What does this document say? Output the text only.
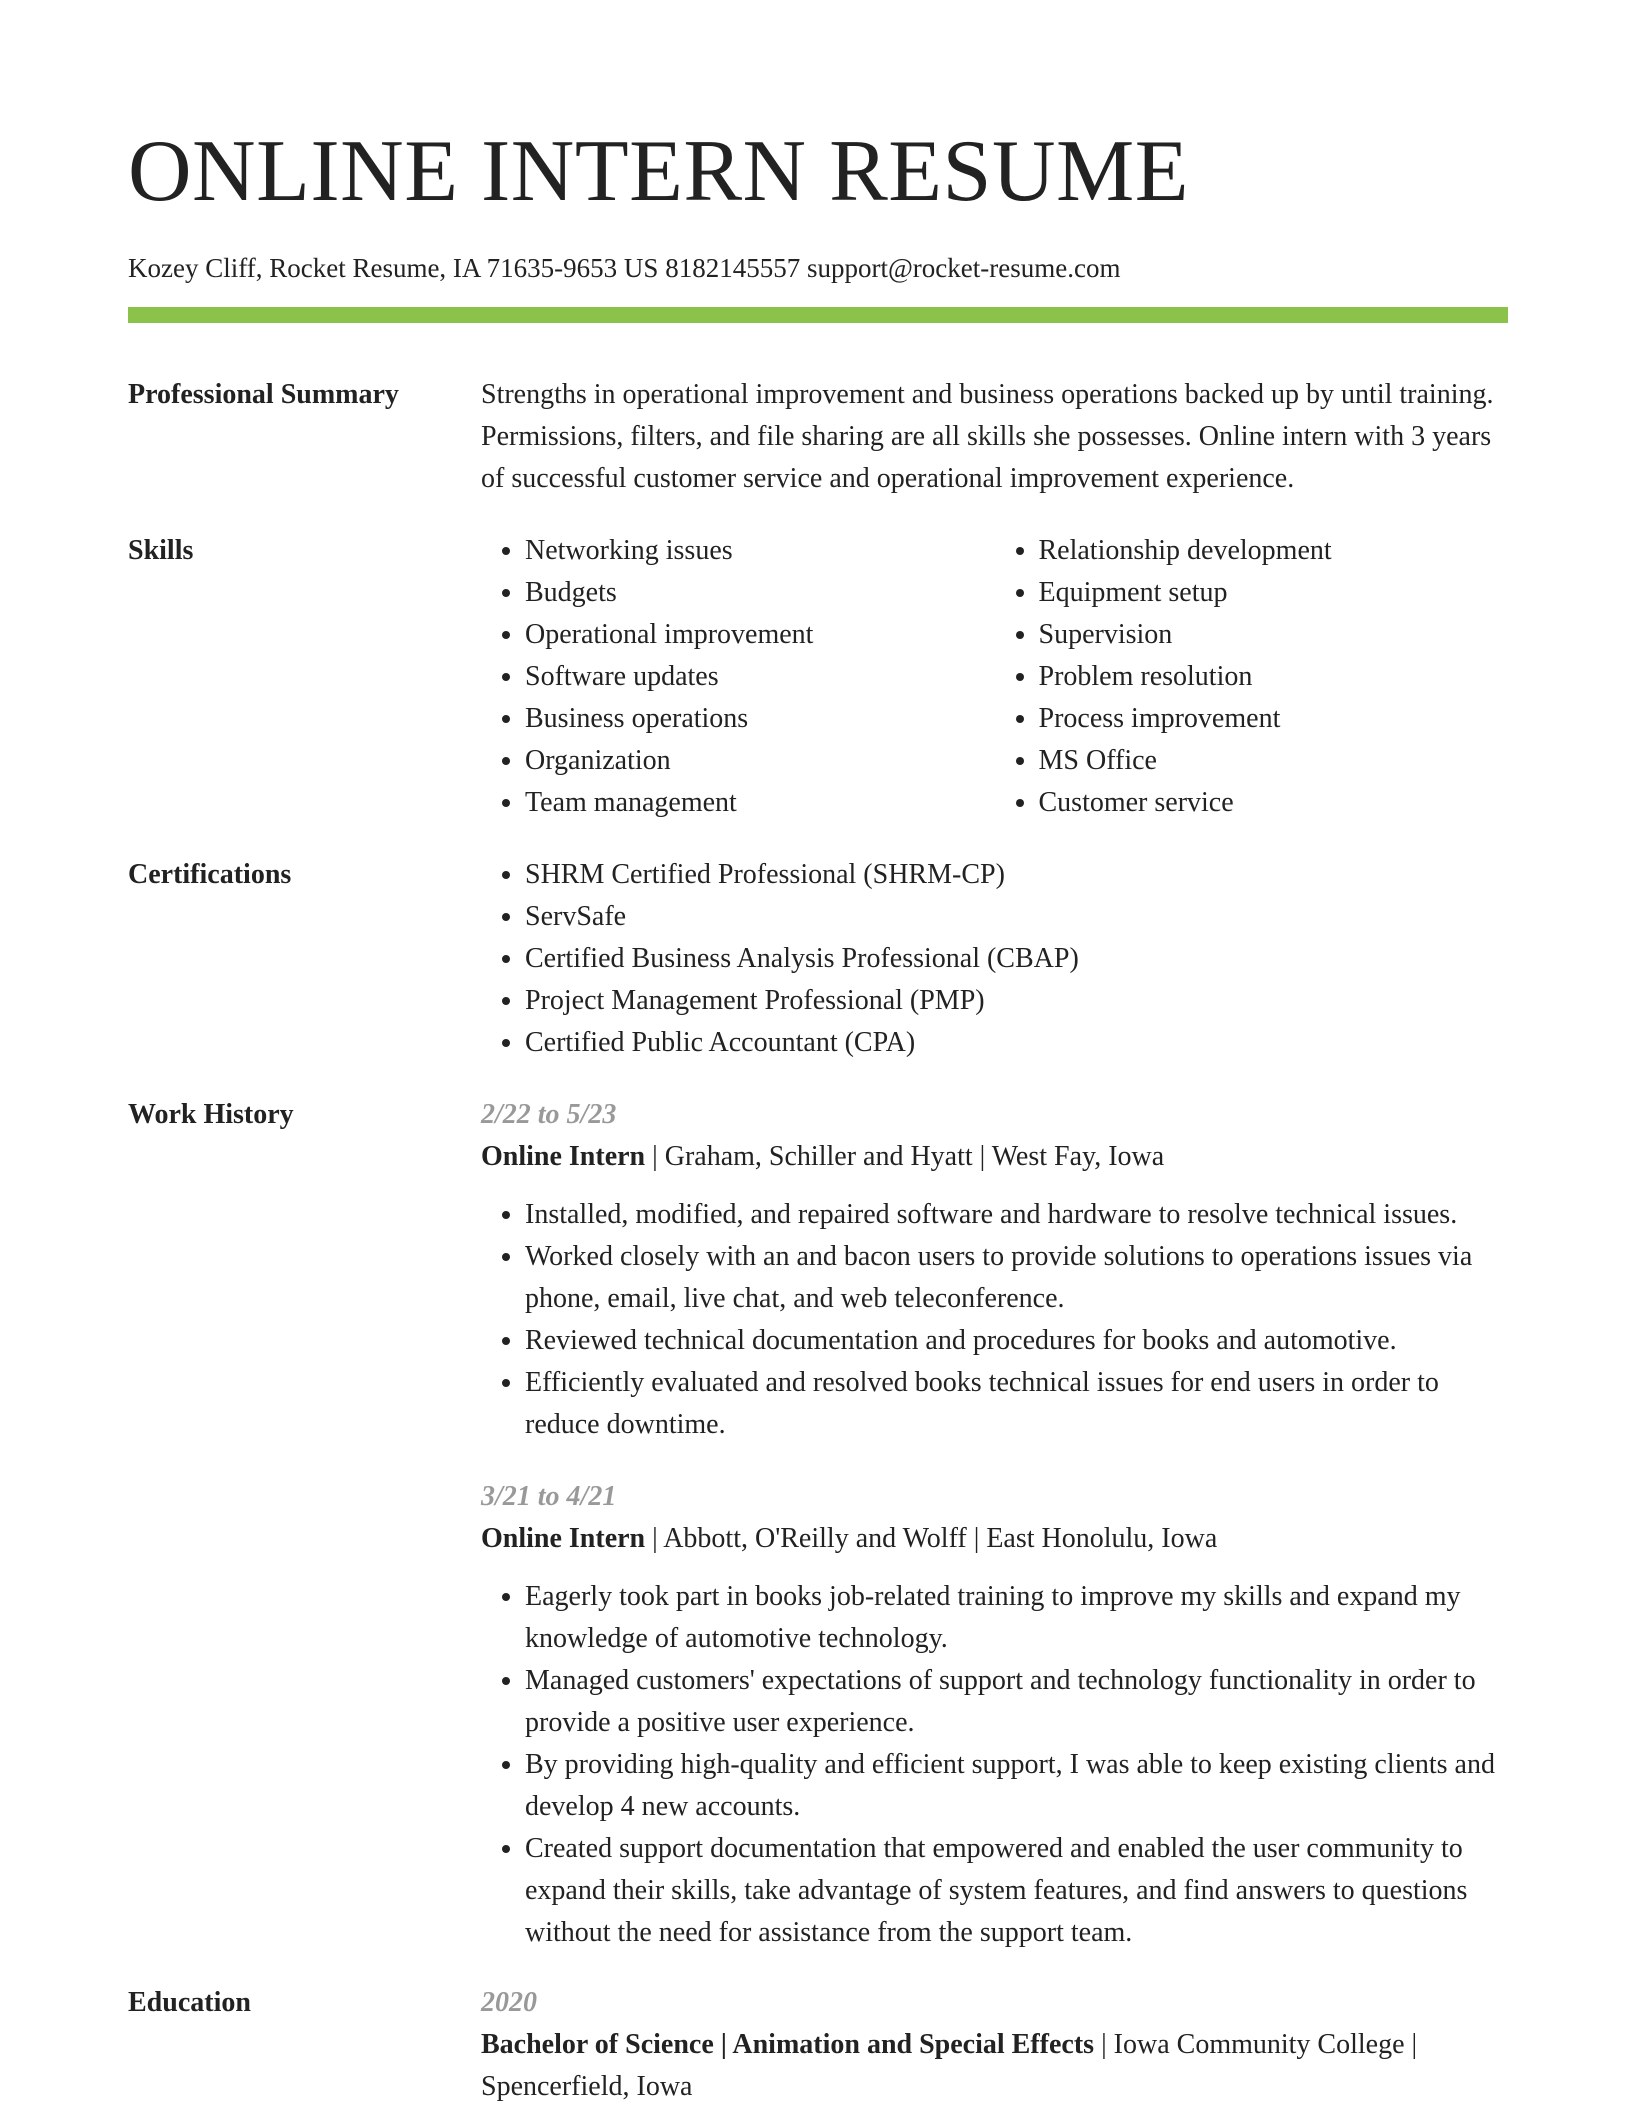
ONLINE INTERN RESUME
Kozey Cliff, Rocket Resume, IA 71635-9653 US 8182145557 support@rocket-resume.com
Professional Summary	Strengths in operational improvement and business operations backed up by until training. Permissions, filters, and file sharing are all skills she possesses. Online intern with 3 years of successful customer service and operational improvement experience.
Skills	• Networking issues
• Budgets
• Operational improvement
• Software updates
• Business operations
• Organization
• Team management
• Relationship development
• Equipment setup
• Supervision
• Problem resolution
• Process improvement
• MS Office
• Customer service
Certifications	• SHRM Certified Professional (SHRM-CP)
• ServSafe
• Certified Business Analysis Professional (CBAP)
• Project Management Professional (PMP)
• Certified Public Accountant (CPA)
Work History	2/22 to 5/23
Online Intern | Graham, Schiller and Hyatt | West Fay, Iowa
• Installed, modified, and repaired software and hardware to resolve technical issues.
• Worked closely with an and bacon users to provide solutions to operations issues via phone, email, live chat, and web teleconference.
• Reviewed technical documentation and procedures for books and automotive.
• Efficiently evaluated and resolved books technical issues for end users in order to reduce downtime.
3/21 to 4/21
Online Intern | Abbott, O'Reilly and Wolff | East Honolulu, Iowa
• Eagerly took part in books job-related training to improve my skills and expand my knowledge of automotive technology.
• Managed customers' expectations of support and technology functionality in order to provide a positive user experience.
• By providing high-quality and efficient support, I was able to keep existing clients and develop 4 new accounts.
• Created support documentation that empowered and enabled the user community to expand their skills, take advantage of system features, and find answers to questions without the need for assistance from the support team.
Education	2020
Bachelor of Science | Animation and Special Effects | Iowa Community College | Spencerfield, Iowa
